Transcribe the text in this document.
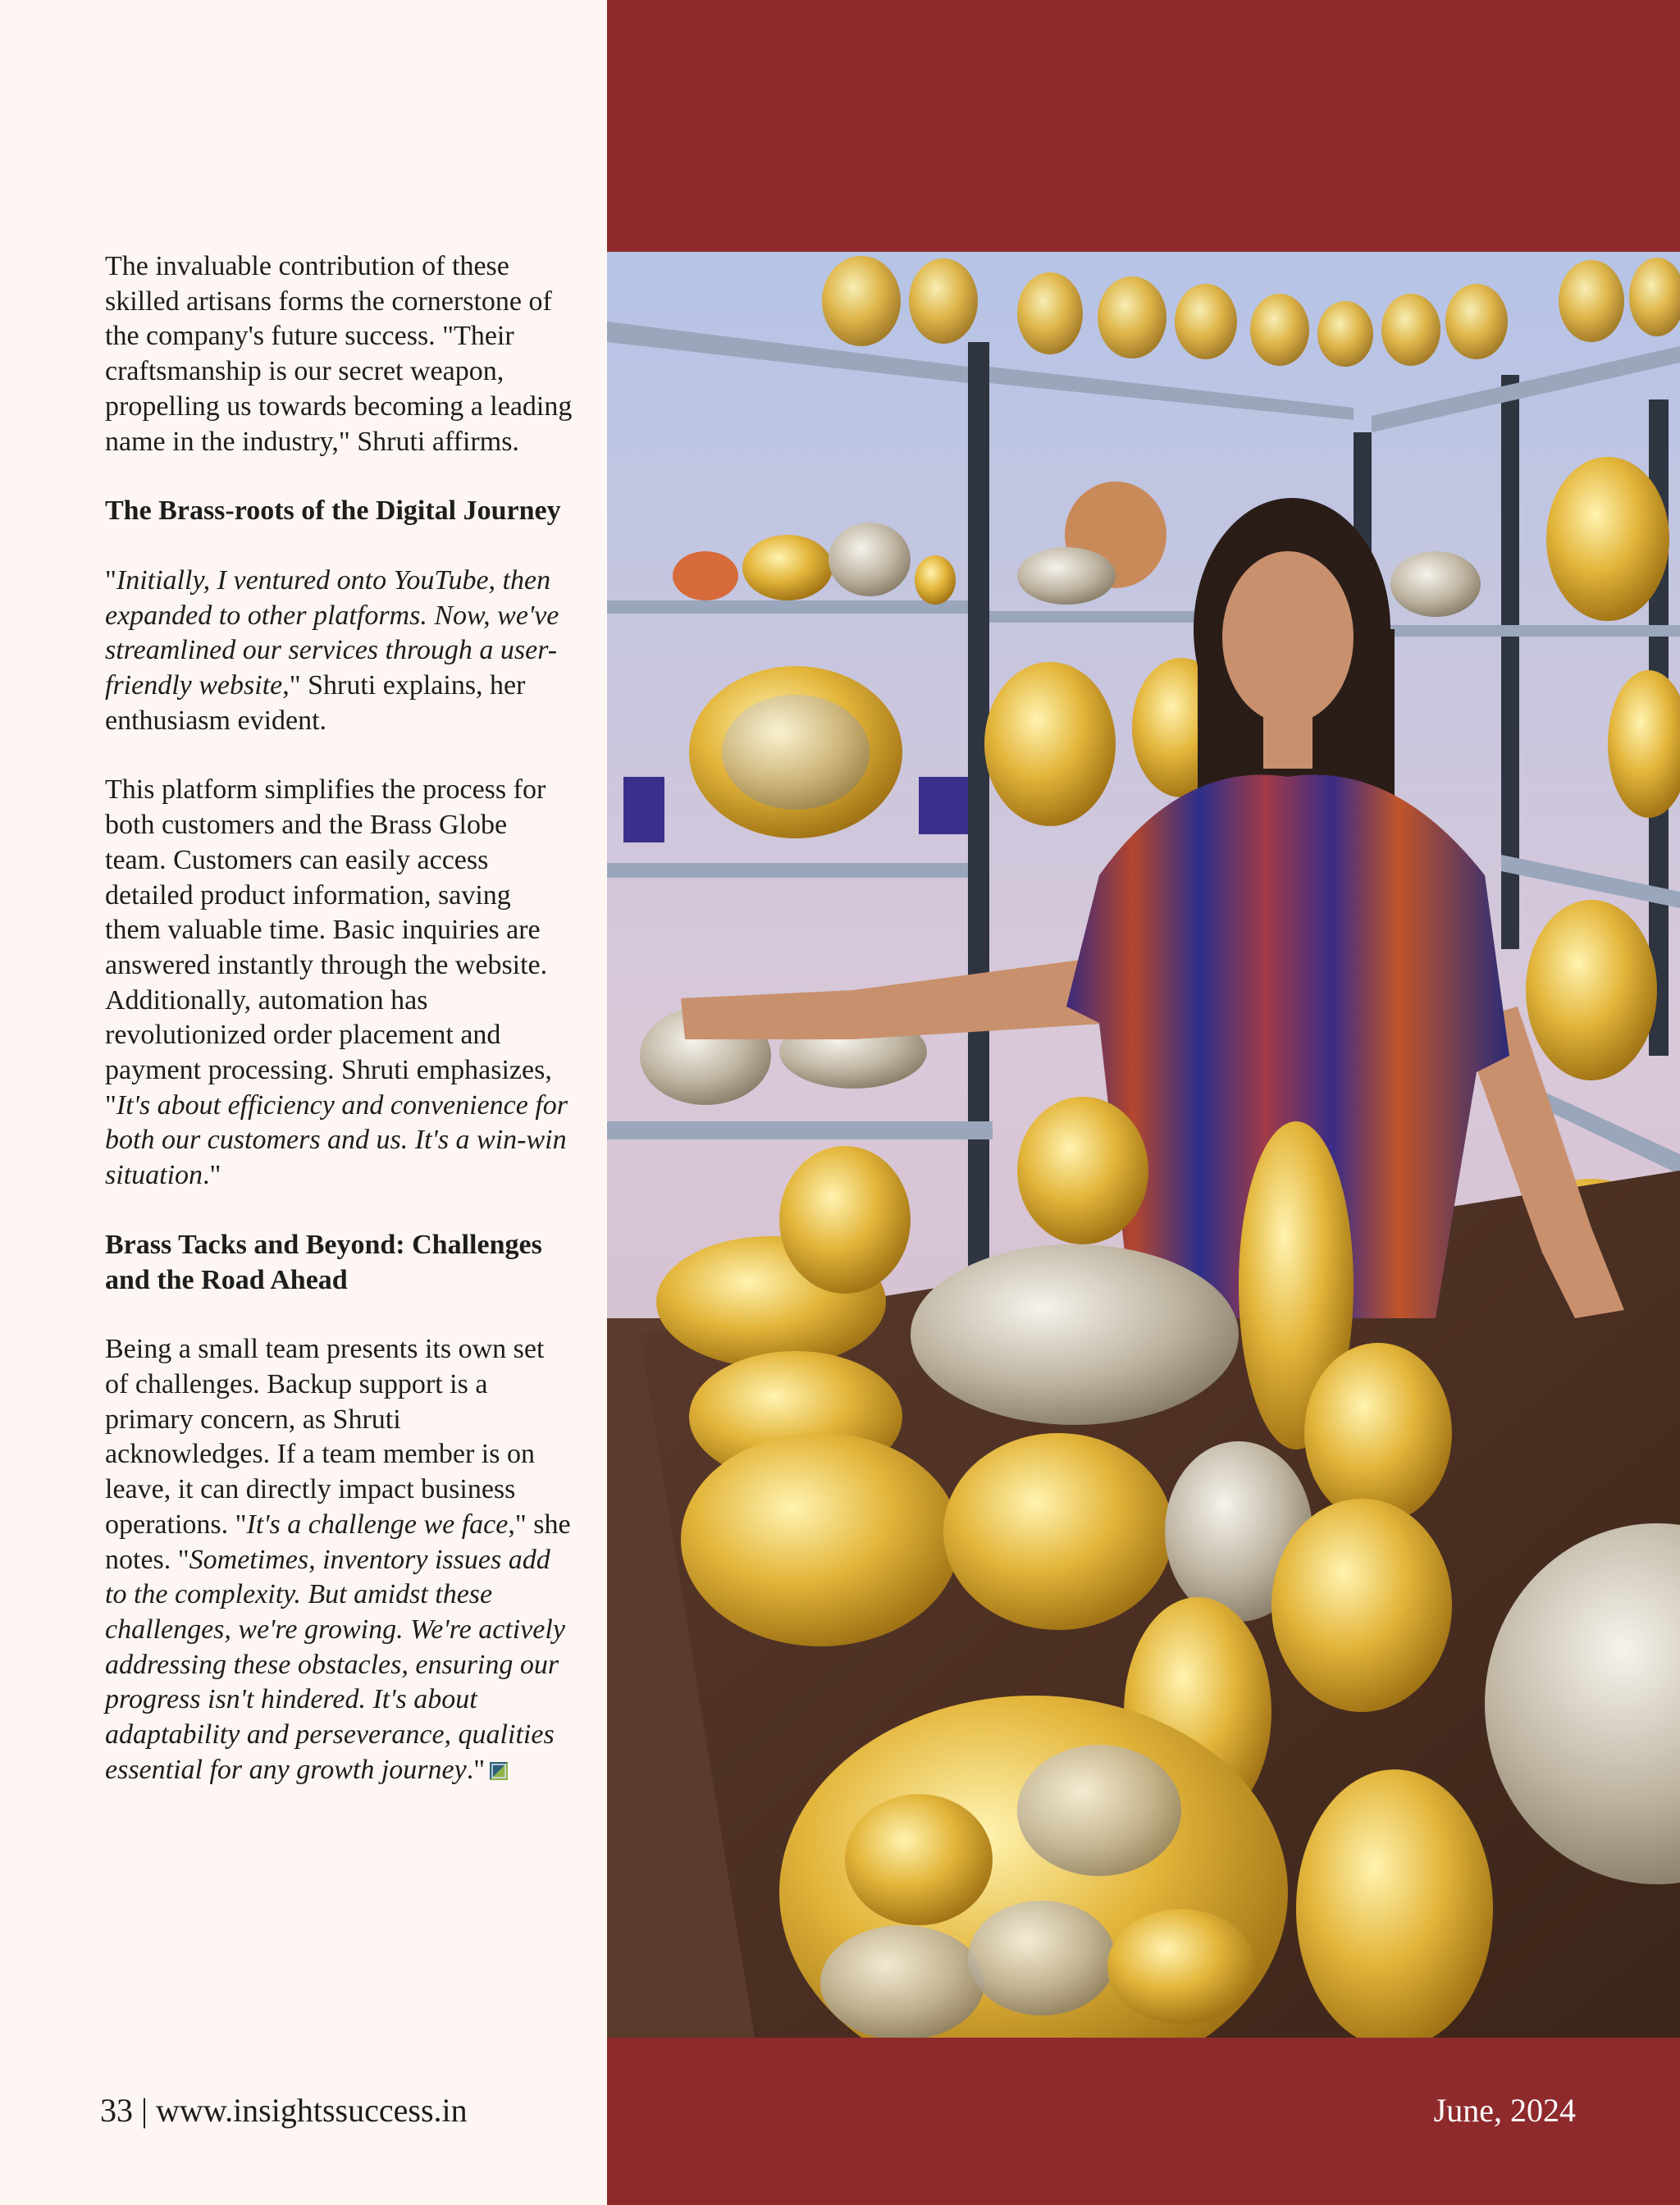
The invaluable contribution of these skilled artisans forms the cornerstone of the company's future success. "Their craftsmanship is our secret weapon, propelling us towards becoming a leading name in the industry," Shruti affirms.

The Brass-roots of the Digital Journey

"Initially, I ventured onto YouTube, then expanded to other platforms. Now, we've streamlined our services through a user-friendly website," Shruti explains, her enthusiasm evident.

This platform simplifies the process for both customers and the Brass Globe team. Customers can easily access detailed product information, saving them valuable time. Basic inquiries are answered instantly through the website. Additionally, automation has revolutionized order placement and payment processing. Shruti emphasizes, "It's about efficiency and convenience for both our customers and us. It's a win-win situation."

Brass Tacks and Beyond: Challenges and the Road Ahead

Being a small team presents its own set of challenges. Backup support is a primary concern, as Shruti acknowledges. If a team member is on leave, it can directly impact business operations. "It's a challenge we face," she notes. "Sometimes, inventory issues add to the complexity. But amidst these challenges, we're growing. We're actively addressing these obstacles, ensuring our progress isn't hindered. It's about adaptability and perseverance, qualities essential for any growth journey."

33 | www.insightssuccess.in	June, 2024
